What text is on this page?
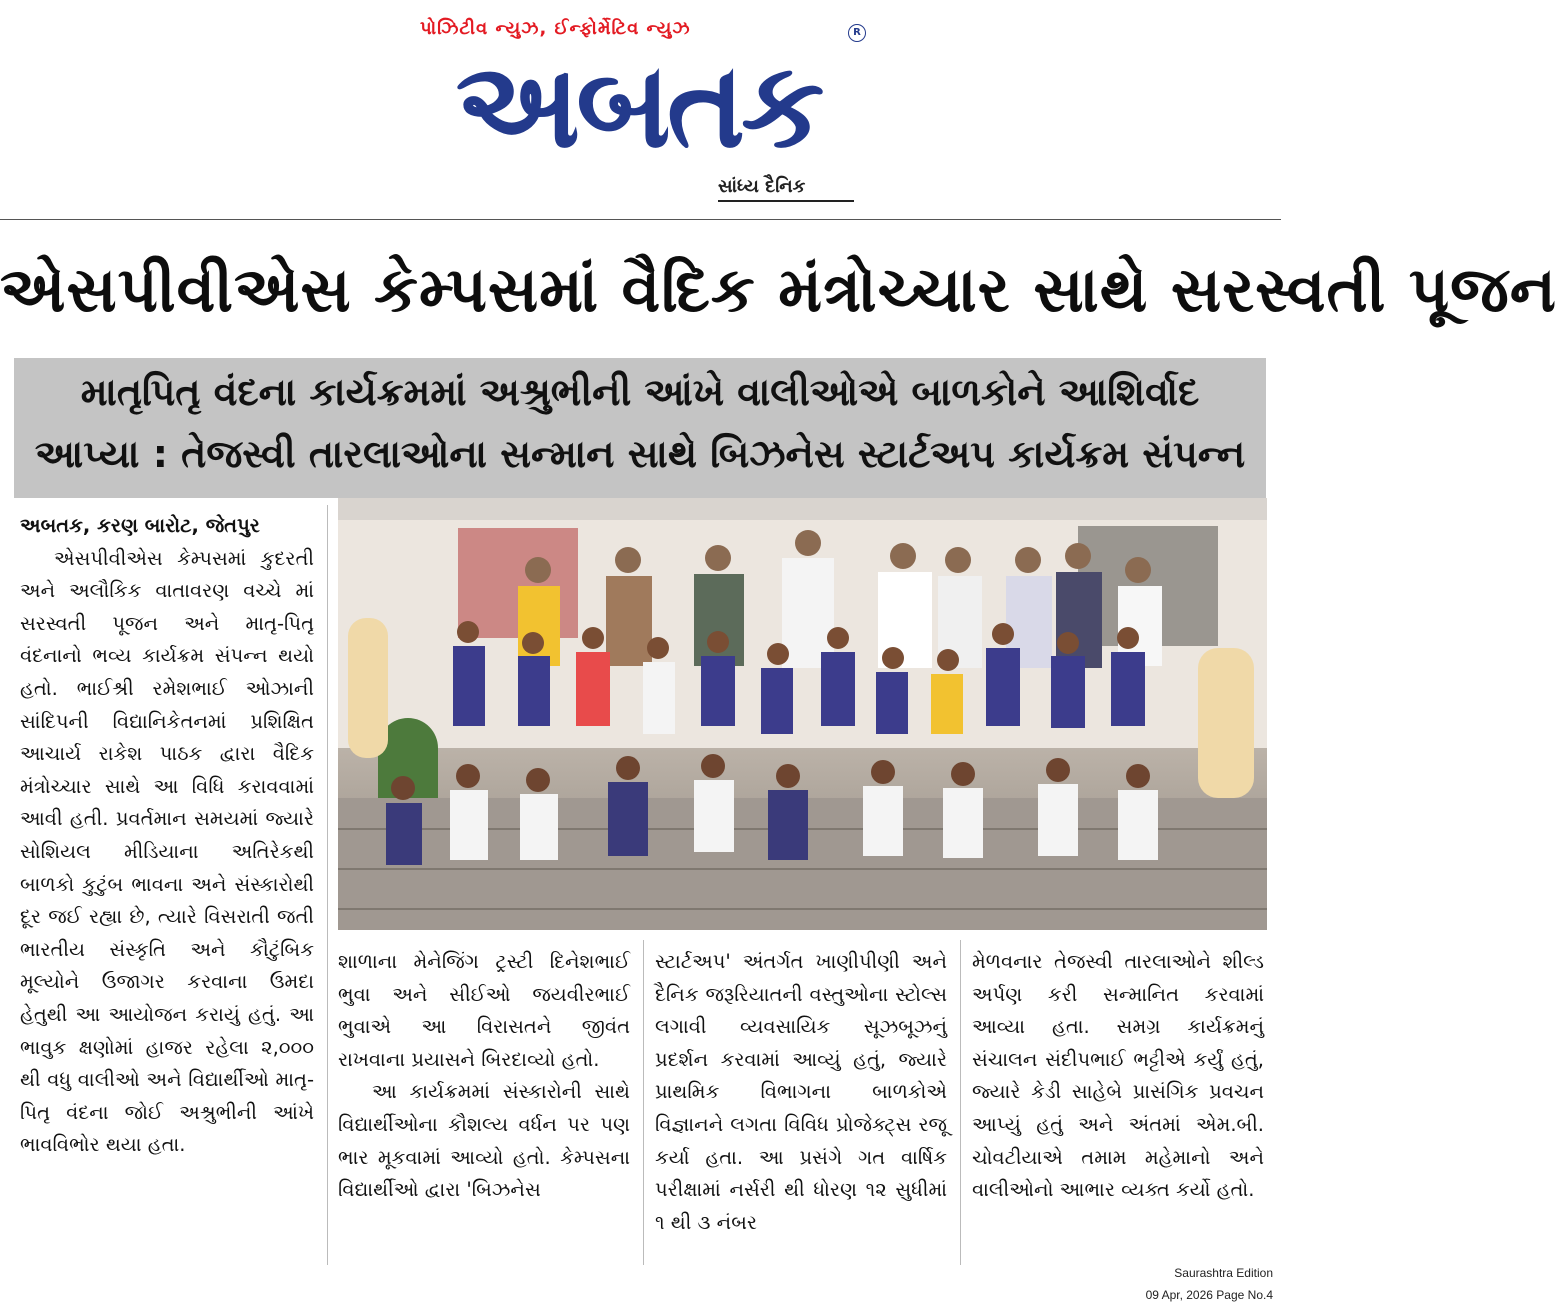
પોઝિટીવ ન્યુઝ, ઈન્ફોર્મેટિવ ન્યુઝ
અબતક
R
સાંધ્ય દૈનિક
એસપીવીએસ કેમ્પસમાં વૈદિક મંત્રોચ્ચાર સાથે સરસ્વતી પૂજન
માતૃપિતૃ વંદના કાર્યક્રમમાં અશ્રુભીની આંખે વાલીઓએ બાળકોને આશિર્વાદ
આપ્યા : તેજસ્વી તારલાઓના સન્માન સાથે બિઝનેસ સ્ટાર્ટઅપ કાર્યક્રમ સંપન્ન

અબતક, કરણ બારોટ, જેતપુર

એસપીવીએસ કેમ્પસમાં કુદરતી અને અલૌકિક વાતાવરણ વચ્ચે માં સરસ્વતી પૂજન અને માતૃ-પિતૃ વંદનાનો ભવ્ય કાર્યક્રમ સંપન્ન થયો હતો. ભાઈશ્રી રમેશભાઈ ઓઝાની સાંદિપની વિદ્યાનિકેતનમાં પ્રશિક્ષિત આચાર્ય રાકેશ પાઠક દ્વારા વૈદિક મંત્રોચ્ચાર સાથે આ વિધિ કરાવવામાં આવી હતી. પ્રવર્તમાન સમયમાં જ્યારે સોશિયલ મીડિયાના અતિરેકથી બાળકો કુટુંબ ભાવના અને સંસ્કારોથી દૂર જઈ રહ્યા છે, ત્યારે વિસરાતી જતી ભારતીય સંસ્કૃતિ અને કૌટુંબિક મૂલ્યોને ઉજાગર કરવાના ઉમદા હેતુથી આ આયોજન કરાયું હતું. આ ભાવુક ક્ષણોમાં હાજર રહેલા ૨,૦૦૦ થી વધુ વાલીઓ અને વિદ્યાર્થીઓ માતૃ-પિતૃ વંદના જોઈ અશ્રુભીની આંખે ભાવવિભોર થયા હતા.

શાળાના મેનેજિંગ ટ્રસ્ટી દિનેશભાઈ ભુવા અને સીઈઓ જયવીરભાઈ ભુવાએ આ વિરાસતને જીવંત રાખવાના પ્રયાસને બિરદાવ્યો હતો.

આ કાર્યક્રમમાં સંસ્કારોની સાથે વિદ્યાર્થીઓના કૌશલ્ય વર્ધન પર પણ ભાર મૂકવામાં આવ્યો હતો. કેમ્પસના વિદ્યાર્થીઓ દ્વારા 'બિઝનેસ

સ્ટાર્ટઅપ' અંતર્ગત ખાણીપીણી અને દૈનિક જરૂરિયાતની વસ્તુઓના સ્ટોલ્સ લગાવી વ્યવસાયિક સૂઝબૂઝનું પ્રદર્શન કરવામાં આવ્યું હતું, જ્યારે પ્રાથમિક વિભાગના બાળકોએ વિજ્ઞાનને લગતા વિવિધ પ્રોજેક્ટ્સ રજૂ કર્યા હતા. આ પ્રસંગે ગત વાર્ષિક પરીક્ષામાં નર્સરી થી ધોરણ ૧૨ સુધીમાં ૧ થી ૩ નંબર

મેળવનાર તેજસ્વી તારલાઓને શીલ્ડ અર્પણ કરી સન્માનિત કરવામાં આવ્યા હતા. સમગ્ર કાર્યક્રમનું સંચાલન સંદીપભાઈ ભટ્ટીએ કર્યું હતું, જ્યારે કેડી સાહેબે પ્રાસંગિક પ્રવચન આપ્યું હતું અને અંતમાં એમ.બી. ચોવટીયાએ તમામ મહેમાનો અને વાલીઓનો આભાર વ્યક્ત કર્યો હતો.

Saurashtra Edition
09 Apr, 2026 Page No.4
